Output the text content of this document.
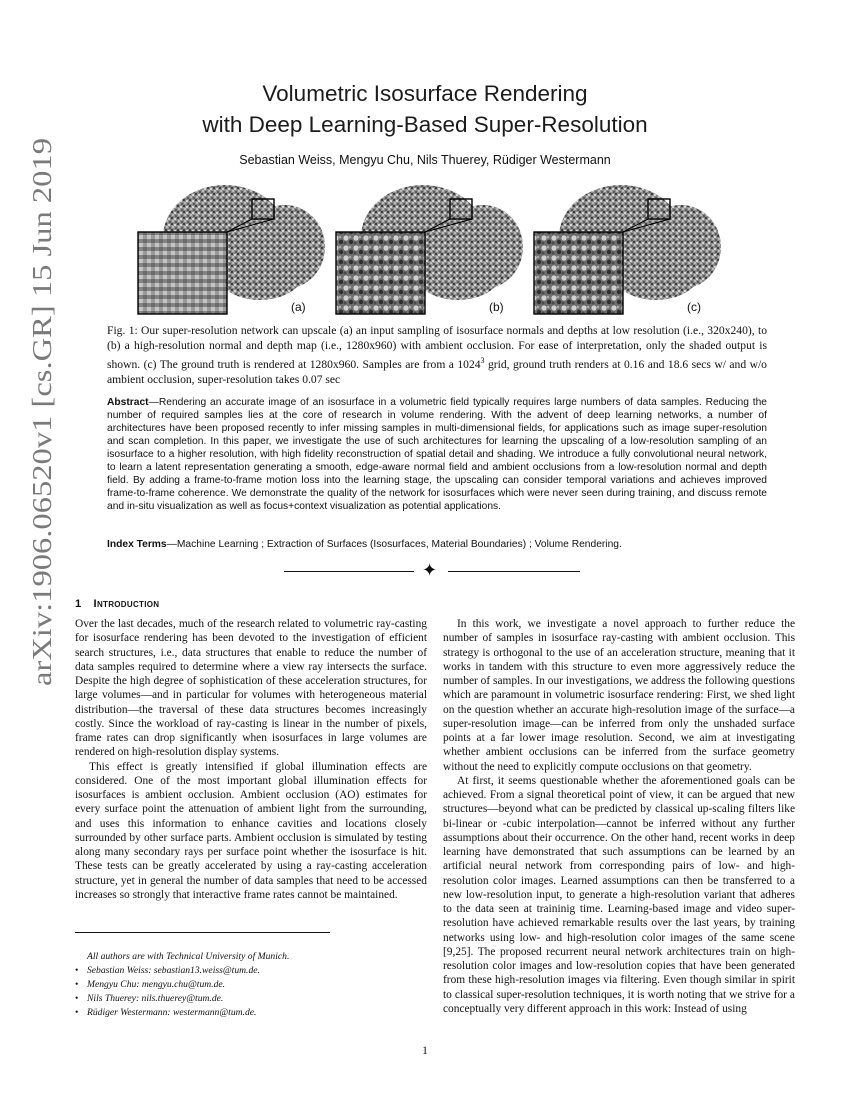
arXiv:1906.06520v1 [cs.GR] 15 Jun 2019
Volumetric Isosurface Rendering
with Deep Learning-Based Super-Resolution
Sebastian Weiss, Mengyu Chu, Nils Thuerey, Rüdiger Westermann
(a)	(b)	(c)
Fig. 1: Our super-resolution network can upscale (a) an input sampling of isosurface normals and depths at low resolution (i.e., 320x240), to (b) a high-resolution normal and depth map (i.e., 1280x960) with ambient occlusion. For ease of interpretation, only the shaded output is shown. (c) The ground truth is rendered at 1280x960. Samples are from a 1024$^3$ grid, ground truth renders at 0.16 and 18.6 secs w/ and w/o ambient occlusion, super-resolution takes 0.07 sec
Abstract—Rendering an accurate image of an isosurface in a volumetric field typically requires large numbers of data samples. Reducing the number of required samples lies at the core of research in volume rendering. With the advent of deep learning networks, a number of architectures have been proposed recently to infer missing samples in multi-dimensional fields, for applications such as image super-resolution and scan completion. In this paper, we investigate the use of such architectures for learning the upscaling of a low-resolution sampling of an isosurface to a higher resolution, with high fidelity reconstruction of spatial detail and shading. We introduce a fully convolutional neural network, to learn a latent representation generating a smooth, edge-aware normal field and ambient occlusions from a low-resolution normal and depth field. By adding a frame-to-frame motion loss into the learning stage, the upscaling can consider temporal variations and achieves improved frame-to-frame coherence. We demonstrate the quality of the network for isosurfaces which were never seen during training, and discuss remote and in-situ visualization as well as focus+context visualization as potential applications.
Index Terms—Machine Learning ; Extraction of Surfaces (Isosurfaces, Material Boundaries) ; Volume Rendering.
✦
1 Introduction

Over the last decades, much of the research related to volumetric ray-casting for isosurface rendering has been devoted to the investigation of efficient search structures, i.e., data structures that enable to reduce the number of data samples required to determine where a view ray intersects the surface. Despite the high degree of sophistication of these acceleration structures, for large volumes—and in particular for volumes with heterogeneous material distribution—the traversal of these data structures becomes increasingly costly. Since the workload of ray-casting is linear in the number of pixels, frame rates can drop significantly when isosurfaces in large volumes are rendered on high-resolution display systems.

This effect is greatly intensified if global illumination effects are considered. One of the most important global illumination effects for isosurfaces is ambient occlusion. Ambient occlusion (AO) estimates for every surface point the attenuation of ambient light from the surrounding, and uses this information to enhance cavities and locations closely surrounded by other surface parts. Ambient occlusion is simulated by testing along many secondary rays per surface point whether the isosurface is hit. These tests can be greatly accelerated by using a ray-casting acceleration structure, yet in general the number of data samples that need to be accessed increases so strongly that interactive frame rates cannot be maintained.

All authors are with Technical University of Munich.
• Sebastian Weiss: sebastian13.weiss@tum.de.
• Mengyu Chu: mengyu.chu@tum.de.
• Nils Thuerey: nils.thuerey@tum.de.
• Rüdiger Westermann: westermann@tum.de.

In this work, we investigate a novel approach to further reduce the number of samples in isosurface ray-casting with ambient occlusion. This strategy is orthogonal to the use of an acceleration structure, meaning that it works in tandem with this structure to even more aggressively reduce the number of samples. In our investigations, we address the following questions which are paramount in volumetric isosurface rendering: First, we shed light on the question whether an accurate high-resolution image of the surface—a super-resolution image—can be inferred from only the unshaded surface points at a far lower image resolution. Second, we aim at investigating whether ambient occlusions can be inferred from the surface geometry without the need to explicitly compute occlusions on that geometry.

At first, it seems questionable whether the aforementioned goals can be achieved. From a signal theoretical point of view, it can be argued that new structures—beyond what can be predicted by classical up-scaling filters like bi-linear or -cubic interpolation—cannot be inferred without any further assumptions about their occurrence. On the other hand, recent works in deep learning have demonstrated that such assumptions can be learned by an artificial neural network from corresponding pairs of low- and high-resolution color images. Learned assumptions can then be transferred to a new low-resolution input, to generate a high-resolution variant that adheres to the data seen at traininig time. Learning-based image and video super-resolution have achieved remarkable results over the last years, by training networks using low- and high-resolution color images of the same scene [9,25]. The proposed recurrent neural network architectures train on high-resolution color images and low-resolution copies that have been generated from these high-resolution images via filtering. Even though similar in spirit to classical super-resolution techniques, it is worth noting that we strive for a conceptually very different approach in this work: Instead of using

1
